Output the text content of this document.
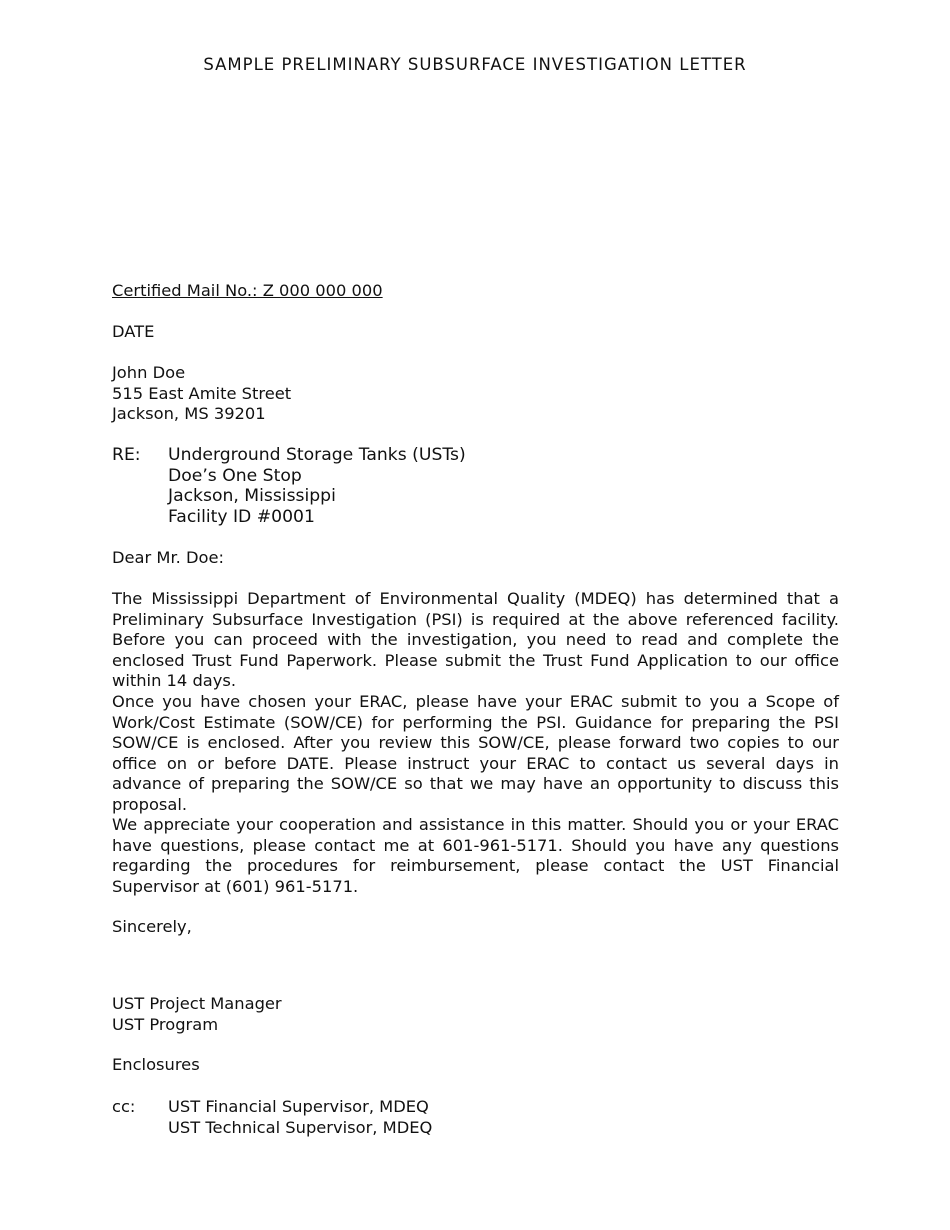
SAMPLE PRELIMINARY SUBSURFACE INVESTIGATION LETTER
Certified Mail No.: Z 000 000 000
DATE
John Doe
515 East Amite Street
Jackson, MS 39201
RE:	Underground Storage Tanks (USTs)
Doe’s One Stop
Jackson, Mississippi
Facility ID #0001
Dear Mr. Doe:
The Mississippi Department of Environmental Quality (MDEQ) has determined that a Preliminary Subsurface Investigation (PSI) is required at the above referenced facility. Before you can proceed with the investigation, you need to read and complete the enclosed Trust Fund Paperwork. Please submit the Trust Fund Application to our office within 14 days.
Once you have chosen your ERAC, please have your ERAC submit to you a Scope of Work/Cost Estimate (SOW/CE) for performing the PSI. Guidance for preparing the PSI SOW/CE is enclosed. After you review this SOW/CE, please forward two copies to our office on or before DATE. Please instruct your ERAC to contact us several days in advance of preparing the SOW/CE so that we may have an opportunity to discuss this proposal.
We appreciate your cooperation and assistance in this matter. Should you or your ERAC have questions, please contact me at 601-961-5171. Should you have any questions regarding the procedures for reimbursement, please contact the UST Financial Supervisor at (601) 961-5171.
Sincerely,
UST Project Manager
UST Program
Enclosures
cc:	UST Financial Supervisor, MDEQ
UST Technical Supervisor, MDEQ
